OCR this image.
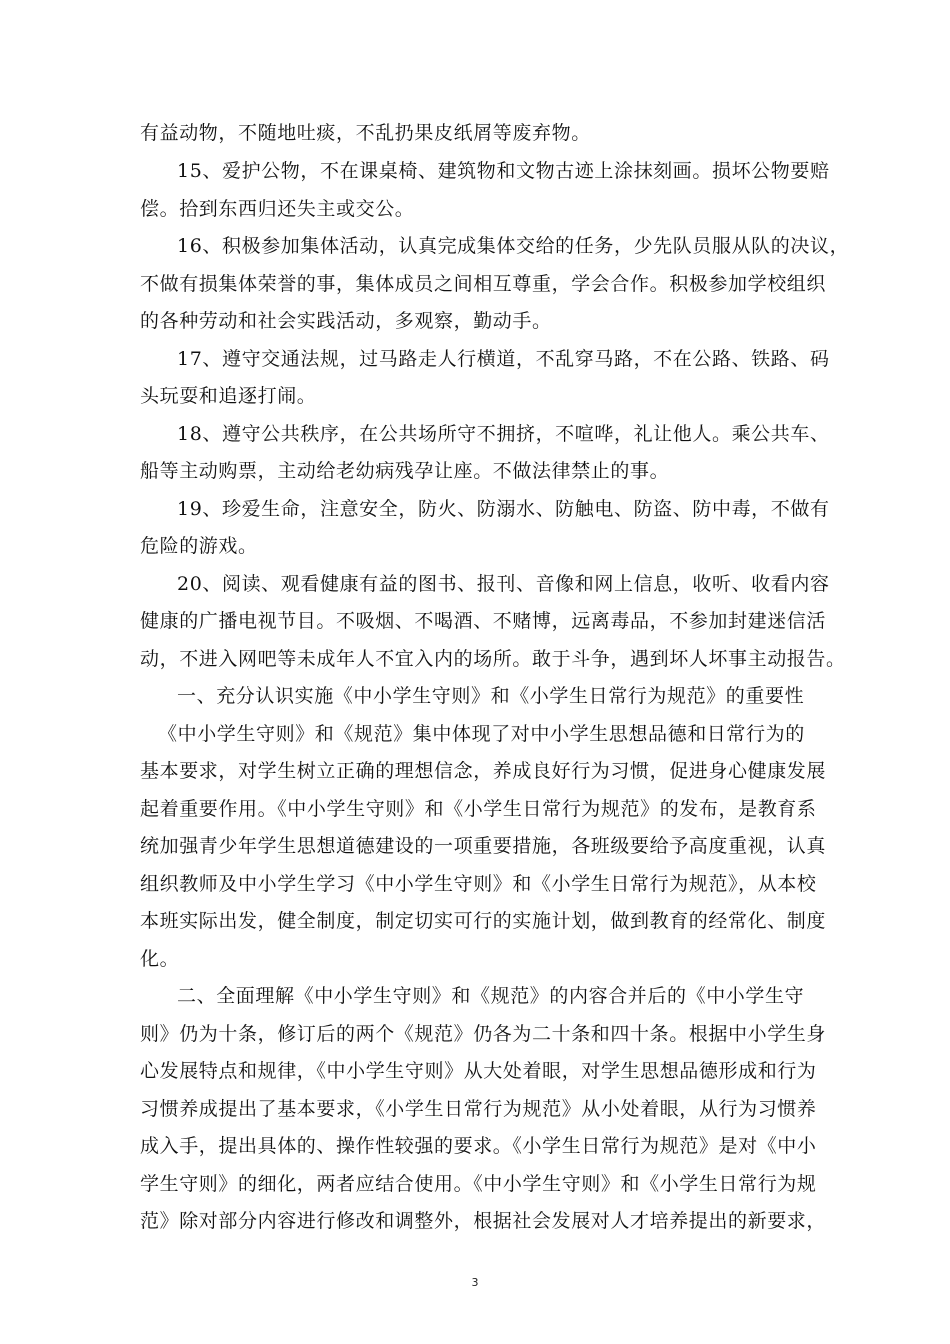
有益动物，不随地吐痰，不乱扔果皮纸屑等废弃物。
15、爱护公物，不在课桌椅、建筑物和文物古迹上涂抹刻画。损坏公物要赔
偿。拾到东西归还失主或交公。
16、积极参加集体活动，认真完成集体交给的任务，少先队员服从队的决议，
不做有损集体荣誉的事，集体成员之间相互尊重，学会合作。积极参加学校组织
的各种劳动和社会实践活动，多观察，勤动手。
17、遵守交通法规，过马路走人行横道，不乱穿马路，不在公路、铁路、码
头玩耍和追逐打闹。
18、遵守公共秩序，在公共场所守不拥挤，不喧哗，礼让他人。乘公共车、
船等主动购票，主动给老幼病残孕让座。不做法律禁止的事。
19、珍爱生命，注意安全，防火、防溺水、防触电、防盗、防中毒，不做有
危险的游戏。
20、阅读、观看健康有益的图书、报刊、音像和网上信息，收听、收看内容
健康的广播电视节目。不吸烟、不喝酒、不赌博，远离毒品，不参加封建迷信活
动，不进入网吧等未成年人不宜入内的场所。敢于斗争，遇到坏人坏事主动报告。
一、充分认识实施《中小学生守则》和《小学生日常行为规范》的重要性
《中小学生守则》和《规范》集中体现了对中小学生思想品德和日常行为的
基本要求，对学生树立正确的理想信念，养成良好行为习惯，促进身心健康发展
起着重要作用。《中小学生守则》和《小学生日常行为规范》的发布，是教育系
统加强青少年学生思想道德建设的一项重要措施，各班级要给予高度重视，认真
组织教师及中小学生学习《中小学生守则》和《小学生日常行为规范》，从本校
本班实际出发，健全制度，制定切实可行的实施计划，做到教育的经常化、制度
化。
二、全面理解《中小学生守则》和《规范》的内容合并后的《中小学生守
则》仍为十条，修订后的两个《规范》仍各为二十条和四十条。根据中小学生身
心发展特点和规律，《中小学生守则》从大处着眼，对学生思想品德形成和行为
习惯养成提出了基本要求，《小学生日常行为规范》从小处着眼，从行为习惯养
成入手，提出具体的、操作性较强的要求。《小学生日常行为规范》是对《中小
学生守则》的细化，两者应结合使用。《中小学生守则》和《小学生日常行为规
范》除对部分内容进行修改和调整外，根据社会发展对人才培养提出的新要求，
3
